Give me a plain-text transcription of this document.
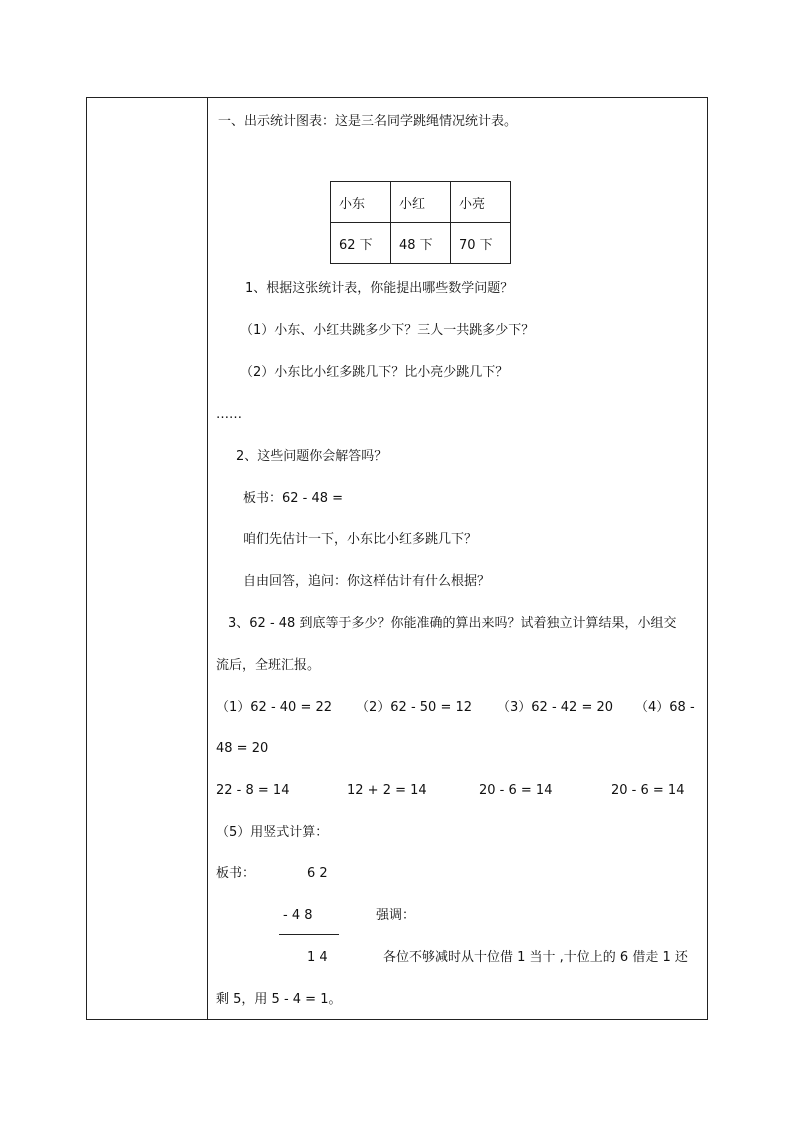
一、出示统计图表：这是三名同学跳绳情况统计表。
小东	小红	小亮
62 下	48 下	70 下
1、根据这张统计表，你能提出哪些数学问题？
（1）小东、小红共跳多少下？三人一共跳多少下？
（2）小东比小红多跳几下？比小亮少跳几下？
……
2、这些问题你会解答吗？
板书：62 - 48 =
咱们先估计一下，小东比小红多跳几下？
自由回答，追问：你这样估计有什么根据？
3、62 - 48 到底等于多少？你能准确的算出来吗？试着独立计算结果，小组交
流后，全班汇报。
（1）62 - 40 = 22 （2）62 - 50 = 12 （3）62 - 42 = 20 （4）68 -
48 = 20
22 - 8 = 14	12 + 2 = 14	20 - 6 = 14	20 - 6 = 14
（5）用竖式计算：
板书：	6 2
- 4 8	强调：
1 4	各位不够减时从十位借 1 当十 ,十位上的 6 借走 1 还
剩 5，用 5 - 4 = 1。
